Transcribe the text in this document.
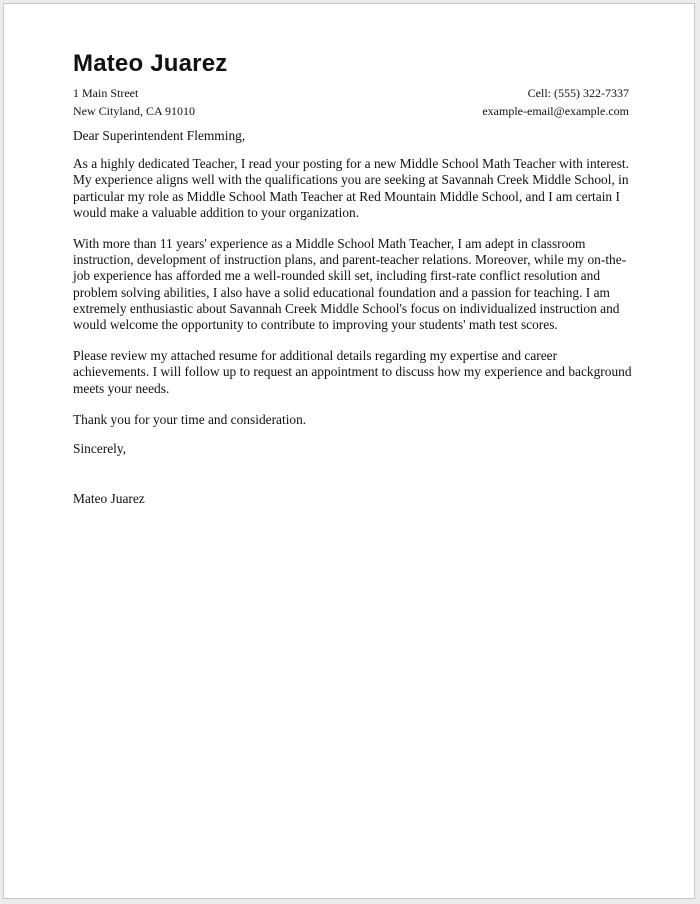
Mateo Juarez
1 Main Street	Cell: (555) 322-7337
New Cityland, CA 91010	example-email@example.com

Dear Superintendent Flemming,

As a highly dedicated Teacher, I read your posting for a new Middle School Math Teacher with interest. My experience aligns well with the qualifications you are seeking at Savannah Creek Middle School, in particular my role as Middle School Math Teacher at Red Mountain Middle School, and I am certain I would make a valuable addition to your organization.

With more than 11 years' experience as a Middle School Math Teacher, I am adept in classroom instruction, development of instruction plans, and parent-teacher relations. Moreover, while my on-the-job experience has afforded me a well-rounded skill set, including first-rate conflict resolution and problem solving abilities, I also have a solid educational foundation and a passion for teaching. I am extremely enthusiastic about Savannah Creek Middle School's focus on individualized instruction and would welcome the opportunity to contribute to improving your students' math test scores.

Please review my attached resume for additional details regarding my expertise and career achievements. I will follow up to request an appointment to discuss how my experience and background meets your needs.

Thank you for your time and consideration.

Sincerely,

Mateo Juarez
